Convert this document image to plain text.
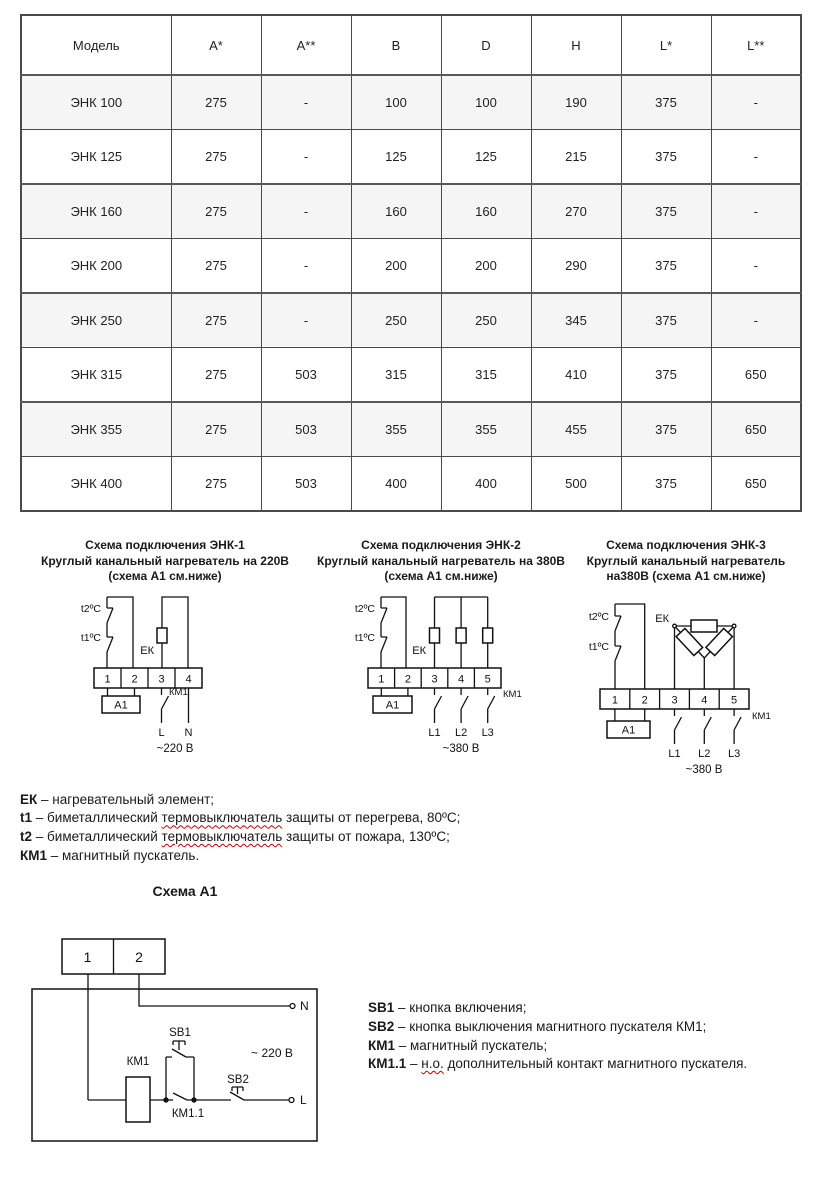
Модель	A*	A**	B	D	H	L*	L**
ЭНК 100	275	-	100	100	190	375	-
ЭНК 125	275	-	125	125	215	375	-
ЭНК 160	275	-	160	160	270	375	-
ЭНК 200	275	-	200	200	290	375	-
ЭНК 250	275	-	250	250	345	375	-
ЭНК 315	275	503	315	315	410	375	650
ЭНК 355	275	503	355	355	455	375	650
ЭНК 400	275	503	400	400	500	375	650
Схема подключения ЭНК-1
Круглый канальный нагреватель на 220В
(схема А1 см.ниже)
t2ºС
t1ºС
ЕК
1 2 3 4
А1
КМ1
L N
~220 В
Схема подключения ЭНК-2
Круглый канальный нагреватель на 380В
(схема А1 см.ниже)
t2ºС
t1ºС
ЕК
1 2 3 4 5
А1
КМ1
L1 L2 L3
~380 В
Схема подключения ЭНК-3
Круглый канальный нагреватель
на380В (схема А1 см.ниже)
t2ºС
t1ºС
ЕК
1 2 3 4 5
А1
КМ1
L1 L2 L3
~380 В
ЕК – нагревательный элемент;
t1 – биметаллический термовыключатель защиты от перегрева, 80ºС;
t2 – биметаллический термовыключатель защиты от пожара, 130ºС;
КМ1 – магнитный пускатель.
Схема А1
1	2
КМ1
SB1
КМ1.1
SB2
~ 220 В
N
L
SB1 – кнопка включения;
SB2 – кнопка выключения магнитного пускателя КМ1;
КМ1 – магнитный пускатель;
КМ1.1 – н.о. дополнительный контакт магнитного пускателя.
